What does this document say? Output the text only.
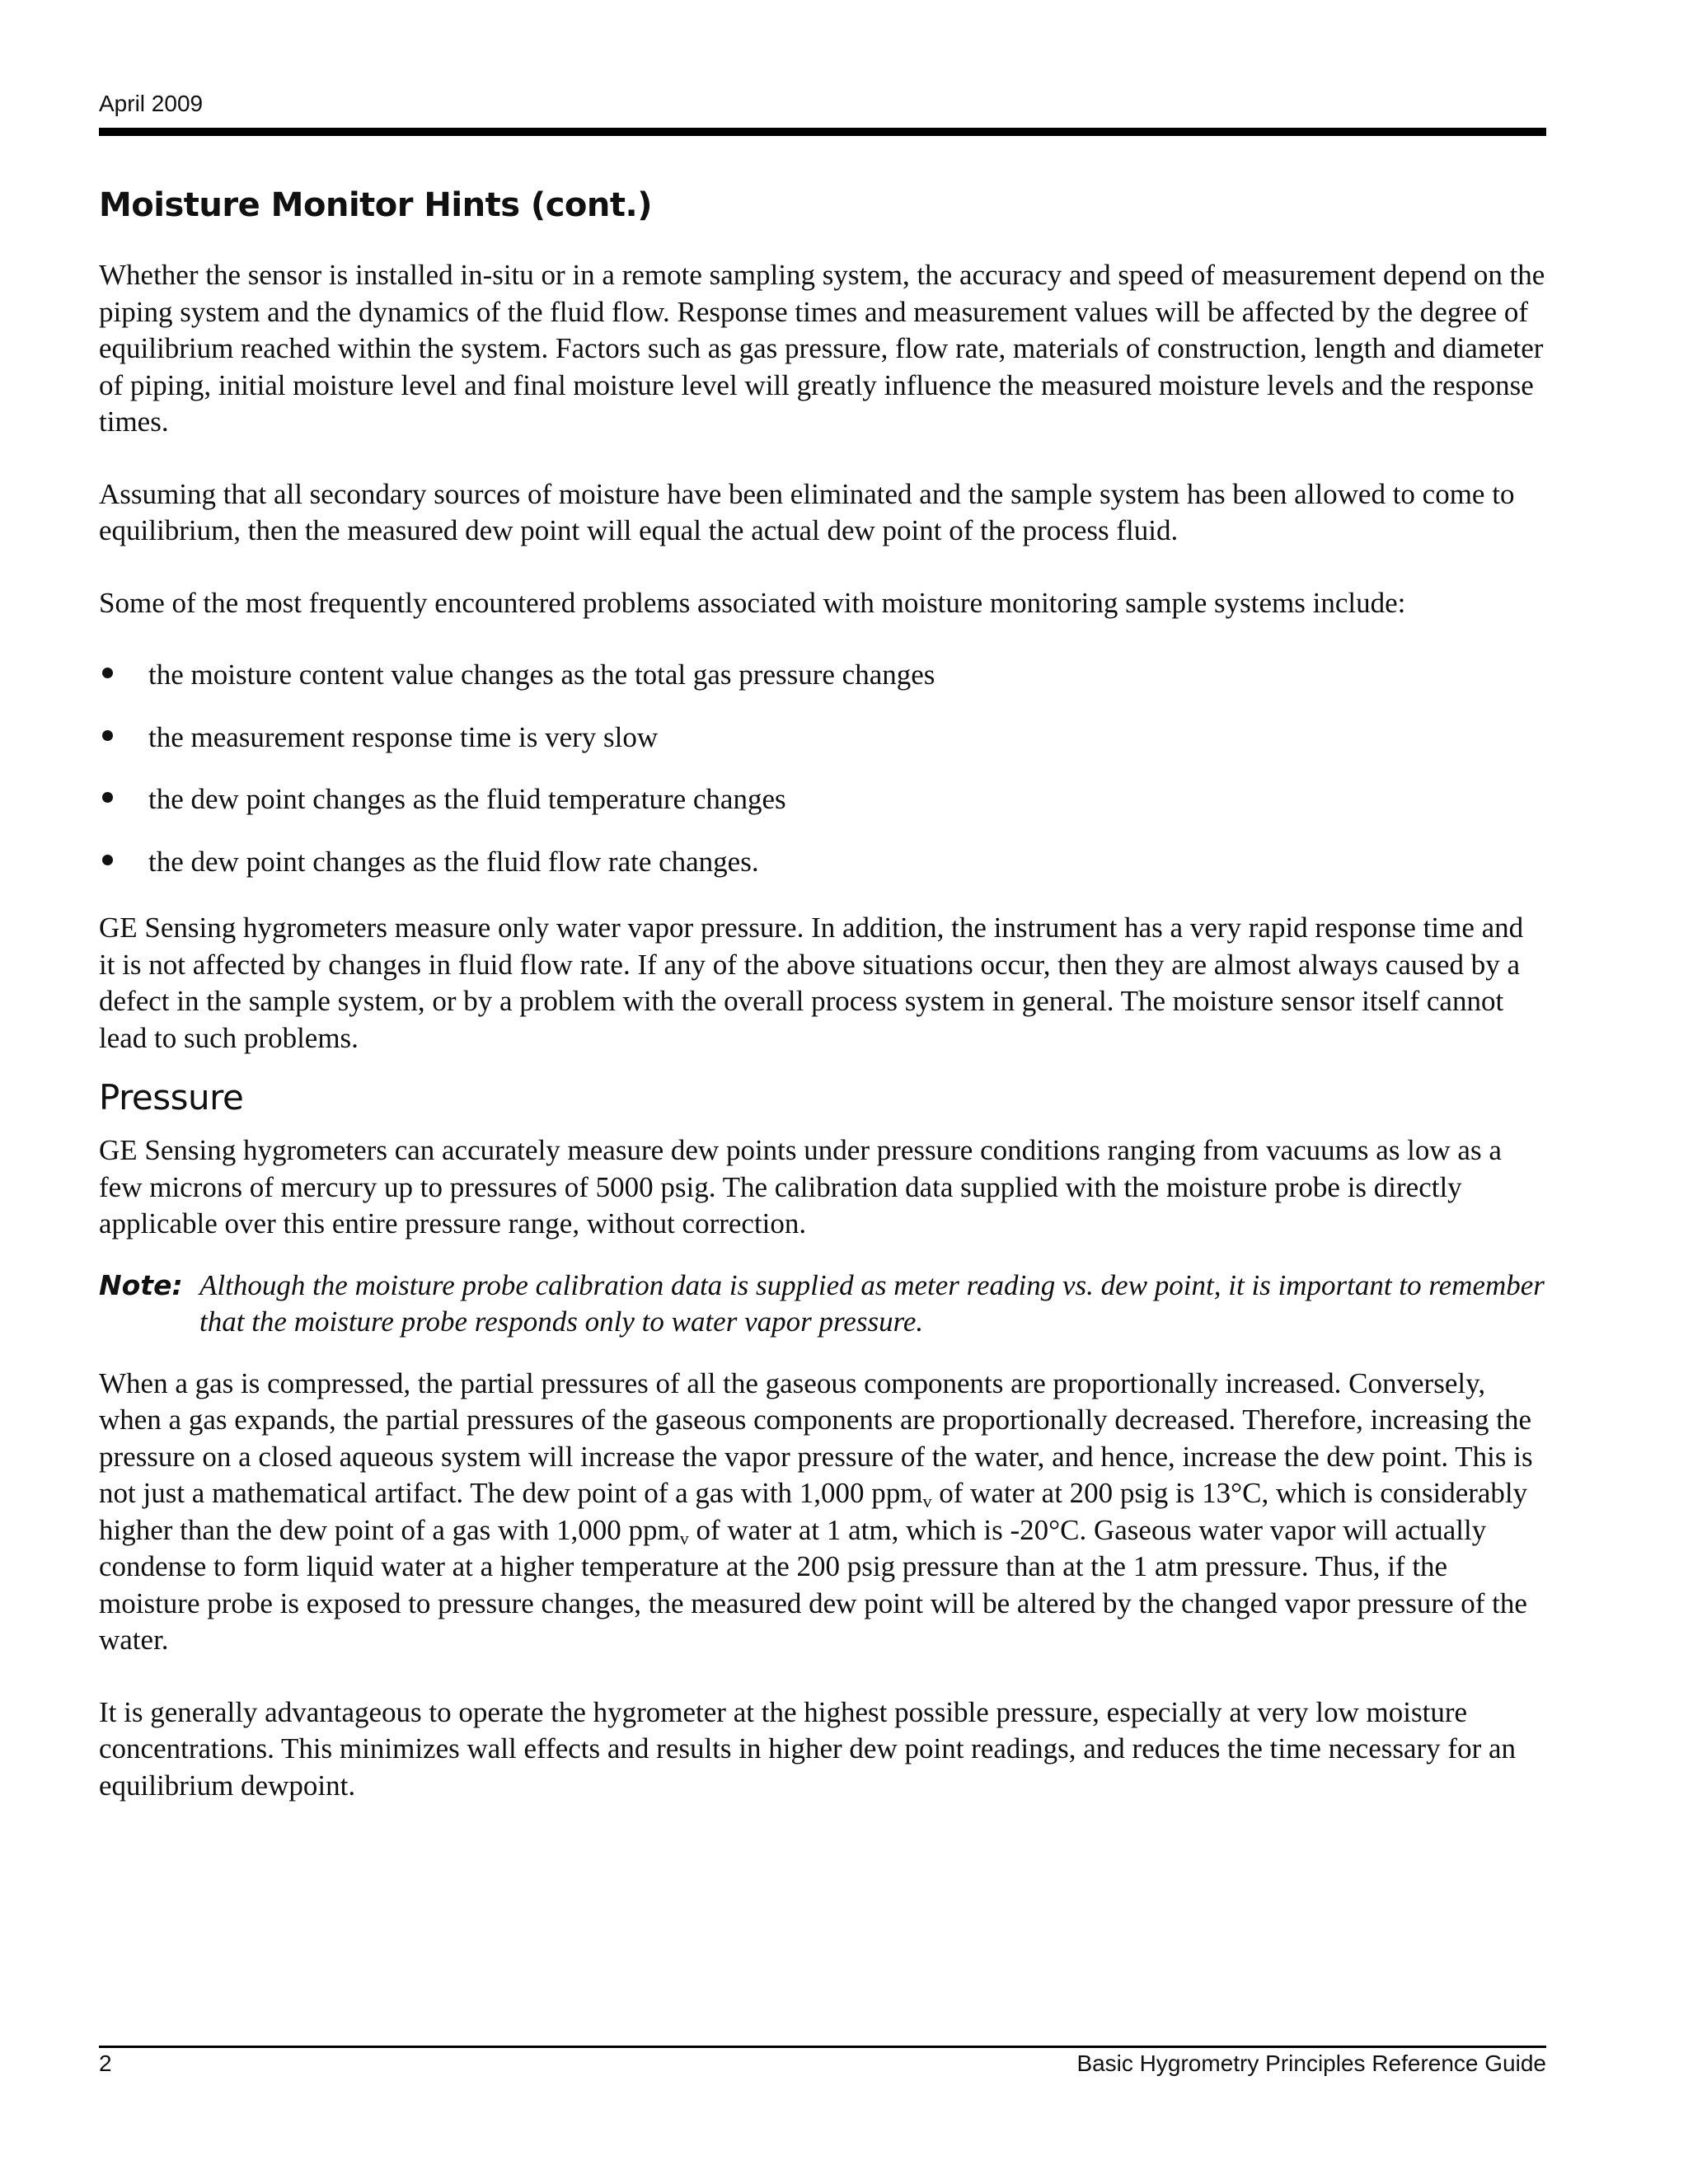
April 2009
Moisture Monitor Hints (cont.)

Whether the sensor is installed in-situ or in a remote sampling system, the accuracy and speed of measurement depend on the piping system and the dynamics of the fluid flow. Response times and measurement values will be affected by the degree of equilibrium reached within the system. Factors such as gas pressure, flow rate, materials of construction, length and diameter of piping, initial moisture level and final moisture level will greatly influence the measured moisture levels and the response times.

Assuming that all secondary sources of moisture have been eliminated and the sample system has been allowed to come to equilibrium, then the measured dew point will equal the actual dew point of the process fluid.

Some of the most frequently encountered problems associated with moisture monitoring sample systems include:

the moisture content value changes as the total gas pressure changes
the measurement response time is very slow
the dew point changes as the fluid temperature changes
the dew point changes as the fluid flow rate changes.

GE Sensing hygrometers measure only water vapor pressure. In addition, the instrument has a very rapid response time and it is not affected by changes in fluid flow rate. If any of the above situations occur, then they are almost always caused by a defect in the sample system, or by a problem with the overall process system in general. The moisture sensor itself cannot lead to such problems.

Pressure

GE Sensing hygrometers can accurately measure dew points under pressure conditions ranging from vacuums as low as a few microns of mercury up to pressures of 5000 psig. The calibration data supplied with the moisture probe is directly applicable over this entire pressure range, without correction.

Note: Although the moisture probe calibration data is supplied as meter reading vs. dew point, it is important to remember that the moisture probe responds only to water vapor pressure.

When a gas is compressed, the partial pressures of all the gaseous components are proportionally increased. Conversely, when a gas expands, the partial pressures of the gaseous components are proportionally decreased. Therefore, increasing the pressure on a closed aqueous system will increase the vapor pressure of the water, and hence, increase the dew point. This is not just a mathematical artifact. The dew point of a gas with 1,000 ppm$_v$ of water at 200 psig is 13°C, which is considerably higher than the dew point of a gas with 1,000 ppm$_v$ of water at 1 atm, which is -20°C. Gaseous water vapor will actually condense to form liquid water at a higher temperature at the 200 psig pressure than at the 1 atm pressure. Thus, if the moisture probe is exposed to pressure changes, the measured dew point will be altered by the changed vapor pressure of the water.

It is generally advantageous to operate the hygrometer at the highest possible pressure, especially at very low moisture concentrations. This minimizes wall effects and results in higher dew point readings, and reduces the time necessary for an equilibrium dewpoint.

2	Basic Hygrometry Principles Reference Guide
